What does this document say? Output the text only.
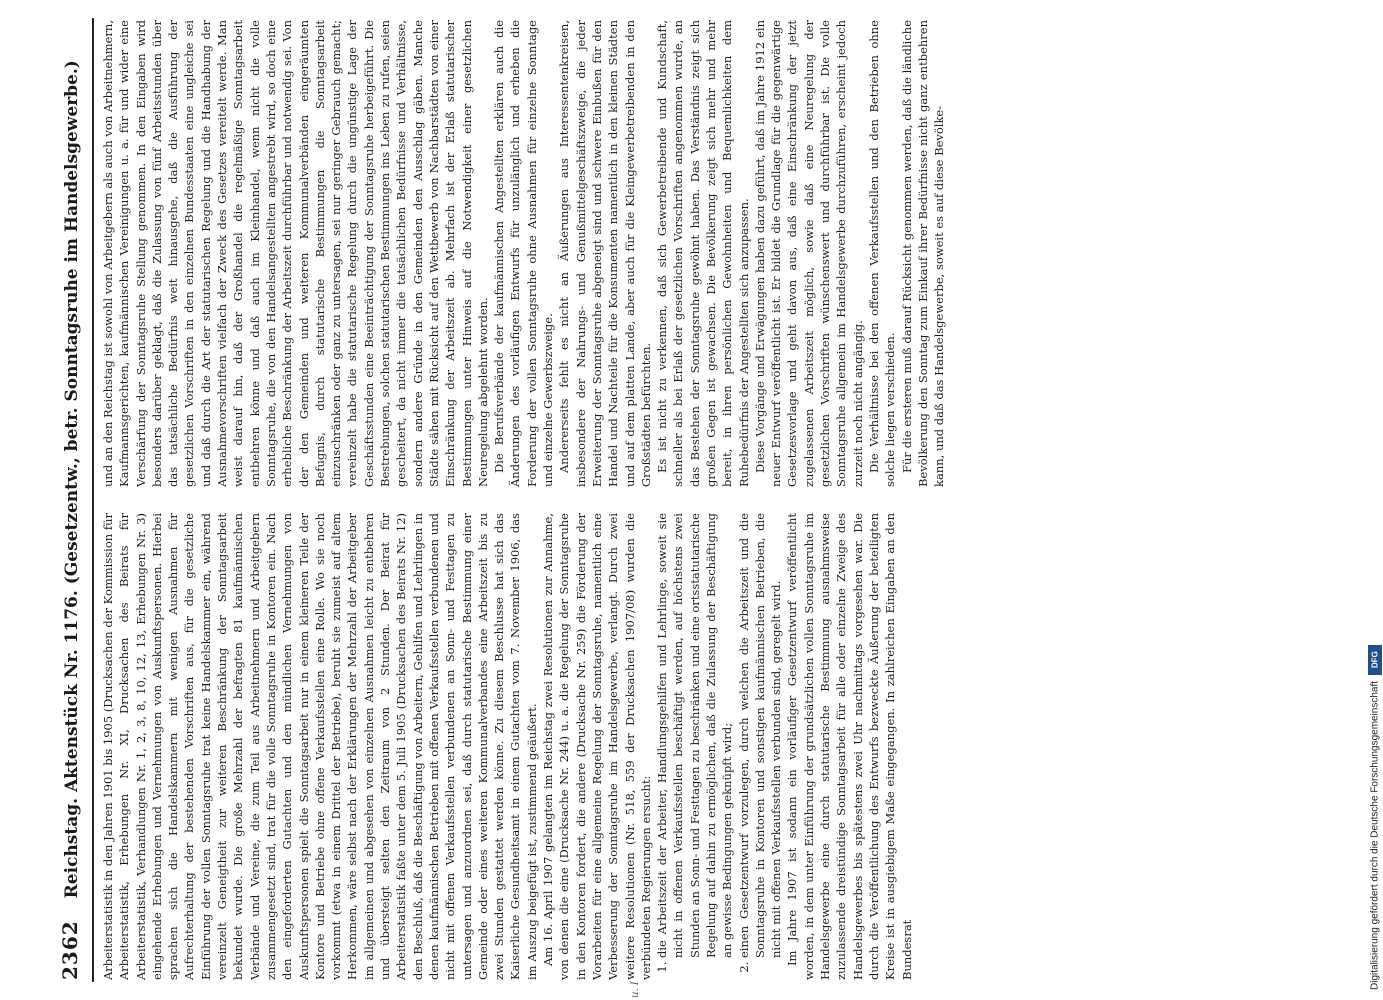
2362
Reichstag. Aktenstück Nr. 1176. (Gesetzentw., betr. Sonntagsruhe im Handelsgewerbe.) Arbeiterstatistik in den Jahren 1901 bis 1905 (Drucksachen der Kommission für Arbeiterstatistik, Erhebungen Nr. XI, Drucksachen des Beirats für Arbeiterstatistik, Verhandlungen Nr. 1, 2, 3, 8, 10, 12, 13, Erhebungen Nr. 3) eingehende Erhebungen und Vernehmungen von Auskunftspersonen. Hierbei sprachen sich die Handelskammern mit wenigen Ausnahmen für Aufrechterhaltung der bestehenden Vorschriften aus, für die gesetzliche Einführung der vollen Sonntagsruhe trat keine Handelskammer ein, während vereinzelt Geneigtheit zur weiteren Beschränkung der Sonntagsarbeit bekundet wurde. Die große Mehrzahl der befragten 81 kaufmännischen Verbände und Vereine, die zum Teil aus Arbeitnehmern und Arbeitgebern zusammengesetzt sind, trat für die volle Sonntagsruhe in Kontoren ein. Nach den eingeforderten Gutachten und den mündlichen Vernehmungen von Auskunftspersonen spielt die Sonntagsarbeit nur in einem kleineren Teile der Kontore und Betriebe ohne offene Verkaufsstellen eine Rolle. Wo sie noch vorkommt (etwa in einem Drittel der Betriebe), beruht sie zumeist auf altem Herkommen, wäre selbst nach der Erklärungen der Mehrzahl der Arbeitgeber im allgemeinen und abgesehen von einzelnen Ausnahmen leicht zu entbehren und übersteigt selten den Zeitraum von 2 Stunden. Der Beirat für Arbeiterstatistik faßte unter dem 5. Juli 1905 (Drucksachen des Beirats Nr. 12) den Beschluß, daß die Beschäftigung von Arbeitern, Gehilfen und Lehrlingen in denen kaufmännischen Betrieben mit offenen Verkaufsstellen verbundenen und nicht mit offenen Verkaufsstellen verbundenen an Sonn- und Festtagen zu untersagen und anzuordnen sei, daß durch statutarische Bestimmung einer Gemeinde oder eines weiteren Kommunalverbandes eine Arbeitszeit bis zu zwei Stunden gestattet werden könne. Zu diesem Beschlusse hat sich das Kaiserliche Gesundheitsamt in einem Gutachten vom 7. November 1906, das im Auszug beigefügt ist, zustimmend geäußert. Am 16. April 1907 gelangten im Reichstag zwei Resolutionen zur Annahme, von denen die eine (Drucksache Nr. 244) u. a. die Regelung der Sonntagsruhe in den Kontoren fordert, die andere (Drucksache Nr. 259) die Förderung der Vorarbeiten für eine allgemeine Regelung der Sonntagsruhe, namentlich eine Verbesserung der Sonntagsruhe im Handelsgewerbe, verlangt. Durch zwei weitere Resolutionen (Nr. 518, 559 der Drucksachen 1907/08) wurden die verbündeten Regierungen ersucht: 1. die Arbeitszeit der Arbeiter, Handlungsgehilfen und Lehrlinge, soweit sie nicht in offenen Verkaufsstellen beschäftigt werden, auf höchstens zwei Stunden an Sonn- und Festtagen zu beschränken und eine ortsstatutarische Regelung auf dahin zu ermöglichen, daß die Zulassung der Beschäftigung an gewisse Bedingungen geknüpft wird; 2. einen Gesetzentwurf vorzulegen, durch welchen die Arbeitszeit und die Sonntagsruhe in Kontoren und sonstigen kaufmännischen Betrieben, die nicht mit offenen Verkaufsstellen verbunden sind, geregelt wird. Im Jahre 1907 ist sodann ein vorläufiger Gesetzentwurf veröffentlicht worden, in dem unter Einführung der grundsätzlichen vollen Sonntagsruhe im Handelsgewerbe eine durch statutarische Bestimmung ausnahmsweise zuzulassende dreistündige Sonntagsarbeit für alle oder einzelne Zweige des Handelsgewerbes bis spätestens zwei Uhr nachmittags vorgesehen war. Die durch die Veröffentlichung des Entwurfs bezweckte Äußerung der beteiligten Kreise ist in ausgiebigem Maße eingegangen. In zahlreichen Eingaben an den Bundesrat

und an den Reichstag ist sowohl von Arbeitgebern als auch von Arbeitnehmern, Kaufmannsgerichten, kaufmännischen Vereinigungen u. a. für und wider eine Verschärfung der Sonntagsruhe Stellung genommen. In den Eingaben wird besonders darüber geklagt, daß die Zulassung von fünf Arbeitsstunden über das tatsächliche Bedürfnis weit hinausgehe, daß die Ausführung der gesetzlichen Vorschriften in den einzelnen Bundesstaaten eine ungleiche sei und daß durch die Art der statutarischen Regelung und die Handhabung der Ausnahmevorschriften vielfach der Zweck des Gesetzes vereitelt werde. Man weist darauf hin, daß der Großhandel die regelmäßige Sonntagsarbeit entbehren könne und daß auch im Kleinhandel, wenn nicht die volle Sonntagsruhe, die von den Handelsangestellten angestrebt wird, so doch eine erhebliche Beschränkung der Arbeitszeit durchführbar und notwendig sei. Von der den Gemeinden und weiteren Kommunalverbänden eingeräumten Befugnis, durch statutarische Bestimmungen die Sonntagsarbeit einzuschränken oder ganz zu untersagen, sei nur geringer Gebrauch gemacht; vereinzelt habe die statutarische Regelung durch die ungünstige Lage der Geschäftsstunden eine Beeinträchtigung der Sonntagsruhe herbeigeführt. Die Bestrebungen, solchen statutarischen Bestimmungen ins Leben zu rufen, seien gescheitert, da nicht immer die tatsächlichen Bedürfnisse und Verhältnisse, sondern andere Gründe in den Gemeinden den Ausschlag gäben. Manche Städte sähen mit Rücksicht auf den Wettbewerb von Nachbarstädten von einer Einschränkung der Arbeitszeit ab. Mehrfach ist der Erlaß statutarischer Bestimmungen unter Hinweis auf die Notwendigkeit einer gesetzlichen Neuregelung abgelehnt worden. Die Berufsverbände der kaufmännischen Angestellten erklären auch die Änderungen des vorläufigen Entwurfs für unzulänglich und erheben die Forderung der vollen Sonntagsruhe ohne Ausnahmen für einzelne Sonntage und einzelne Gewerbszweige. Andererseits fehlt es nicht an Äußerungen aus Interessentenkreisen, insbesondere der Nahrungs- und Genußmittelgeschäftszweige, die jeder Erweiterung der Sonntagsruhe abgeneigt sind und schwere Einbußen für den Handel und Nachteile für die Konsumenten namentlich in den kleinen Städten und auf dem platten Lande, aber auch für die Kleingewerbetreibenden in den Großstädten befürchten. Es ist nicht zu verkennen, daß sich Gewerbetreibende und Kundschaft, schneller als bei Erlaß der gesetzlichen Vorschriften angenommen wurde, an das Bestehen der Sonntagsruhe gewöhnt haben. Das Verständnis zeigt sich großen Gegen ist gewachsen. Die Bevölkerung zeigt sich mehr und mehr bereit, in ihren persönlichen Gewohnheiten und Bequemlichkeiten dem Ruhebedürfnis der Angestellten sich anzupassen. Diese Vorgänge und Erwägungen haben dazu geführt, daß im Jahre 1912 ein neuer Entwurf veröffentlicht ist. Er bildet die Grundlage für die gegenwärtige Gesetzesvorlage und geht davon aus, daß eine Einschränkung der jetzt zugelassenen Arbeitszeit möglich, sowie daß eine Neuregelung der gesetzlichen Vorschriften wünschenswert und durchführbar ist. Die volle Sonntagsruhe allgemein im Handelsgewerbe durchzuführen, erscheint jedoch zurzeit noch nicht angängig. Die Verhältnisse bei den offenen Verkaufsstellen und den Betrieben ohne solche liegen verschieden. Für die ersteren muß darauf Rücksicht genommen werden, daß die ländliche Bevölkerung den Sonntag zum Einkauf ihrer Bedürfnisse nicht ganz entbehren kann, und daß das Handelsgewerbe, soweit es auf diese Bevölke-

u. I	Digitalisierung gefördert durch die Deutsche Forschungsgemeinschaft
DFG
